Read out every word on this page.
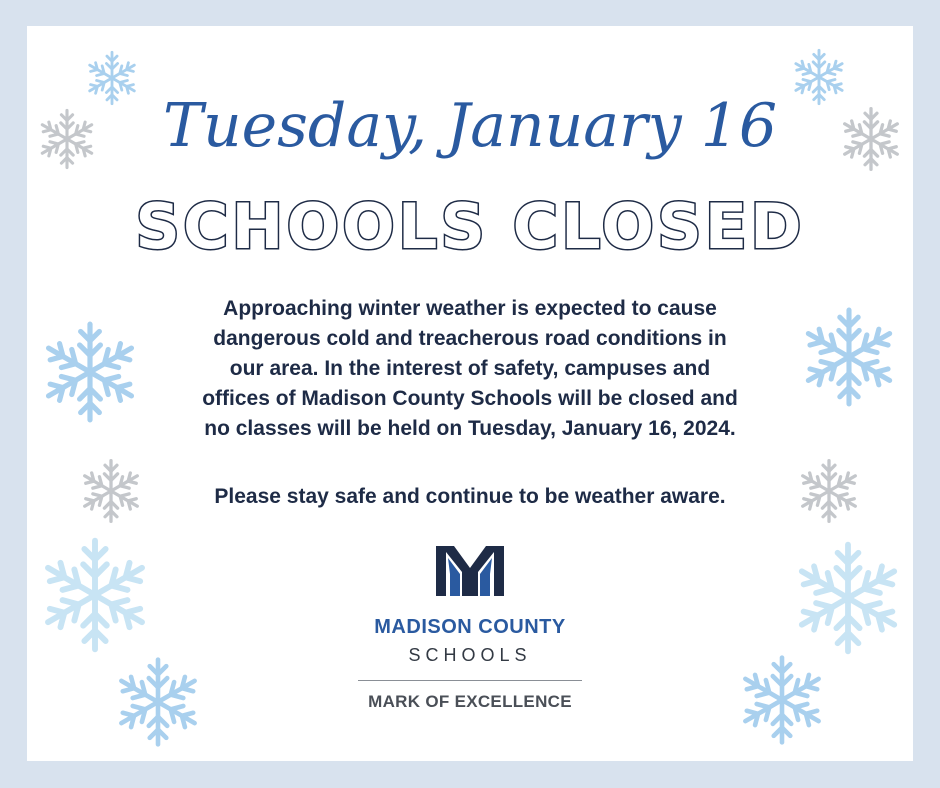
Tuesday, January 16
SCHOOLS CLOSED
Approaching winter weather is expected to cause
dangerous cold and treacherous road conditions in
our area. In the interest of safety, campuses and
offices of Madison County Schools will be closed and
no classes will be held on Tuesday, January 16, 2024.
Please stay safe and continue to be weather aware.
MADISON COUNTY
SCHOOLS
MARK OF EXCELLENCE
